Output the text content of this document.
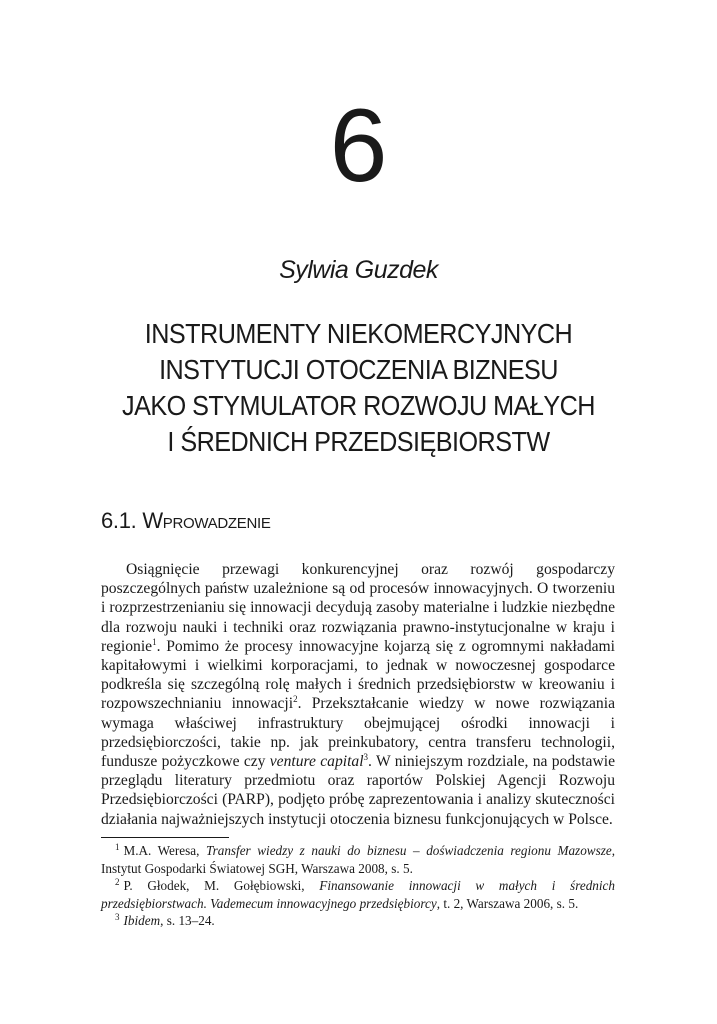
6
Sylwia Guzdek
INSTRUMENTY NIEKOMERCYJNYCH
INSTYTUCJI OTOCZENIA BIZNESU
JAKO STYMULATOR ROZWOJU MAŁYCH
I ŚREDNICH PRZEDSIĘBIORSTW
6.1. Wprowadzenie

Osiągnięcie przewagi konkurencyjnej oraz rozwój gospodarczy poszczególnych państw uzależnione są od procesów innowacyjnych. O tworzeniu i rozprzestrzenianiu się innowacji decydują zasoby materialne i ludzkie niezbędne dla rozwoju nauki i techniki oraz rozwiązania prawno-instytucjonalne w kraju i regionie$^1$. Pomimo że procesy innowacyjne kojarzą się z ogromnymi nakładami kapitałowymi i wielkimi korporacjami, to jednak w nowoczesnej gospodarce podkreśla się szczególną rolę małych i średnich przedsiębiorstw w kreowaniu i rozpowszechnianiu innowacji$^2$. Przekształcanie wiedzy w nowe rozwiązania wymaga właściwej infrastruktury obejmującej ośrodki innowacji i przedsiębiorczości, takie np. jak preinkubatory, centra transferu technologii, fundusze pożyczkowe czy venture capital$^3$. W niniejszym rozdziale, na podstawie przeglądu literatury przedmiotu oraz raportów Polskiej Agencji Rozwoju Przedsiębiorczości (PARP), podjęto próbę zaprezentowania i analizy skuteczności działania najważniejszych instytucji otoczenia biznesu funkcjonujących w Polsce.

$^1$ M.A. Weresa, Transfer wiedzy z nauki do biznesu – doświadczenia regionu Mazowsze, Instytut Gospodarki Światowej SGH, Warszawa 2008, s. 5.

$^2$ P. Głodek, M. Gołębiowski, Finansowanie innowacji w małych i średnich przedsiębiorstwach. Vademecum innowacyjnego przedsiębiorcy, t. 2, Warszawa 2006, s. 5.

$^3$ Ibidem, s. 13–24.
